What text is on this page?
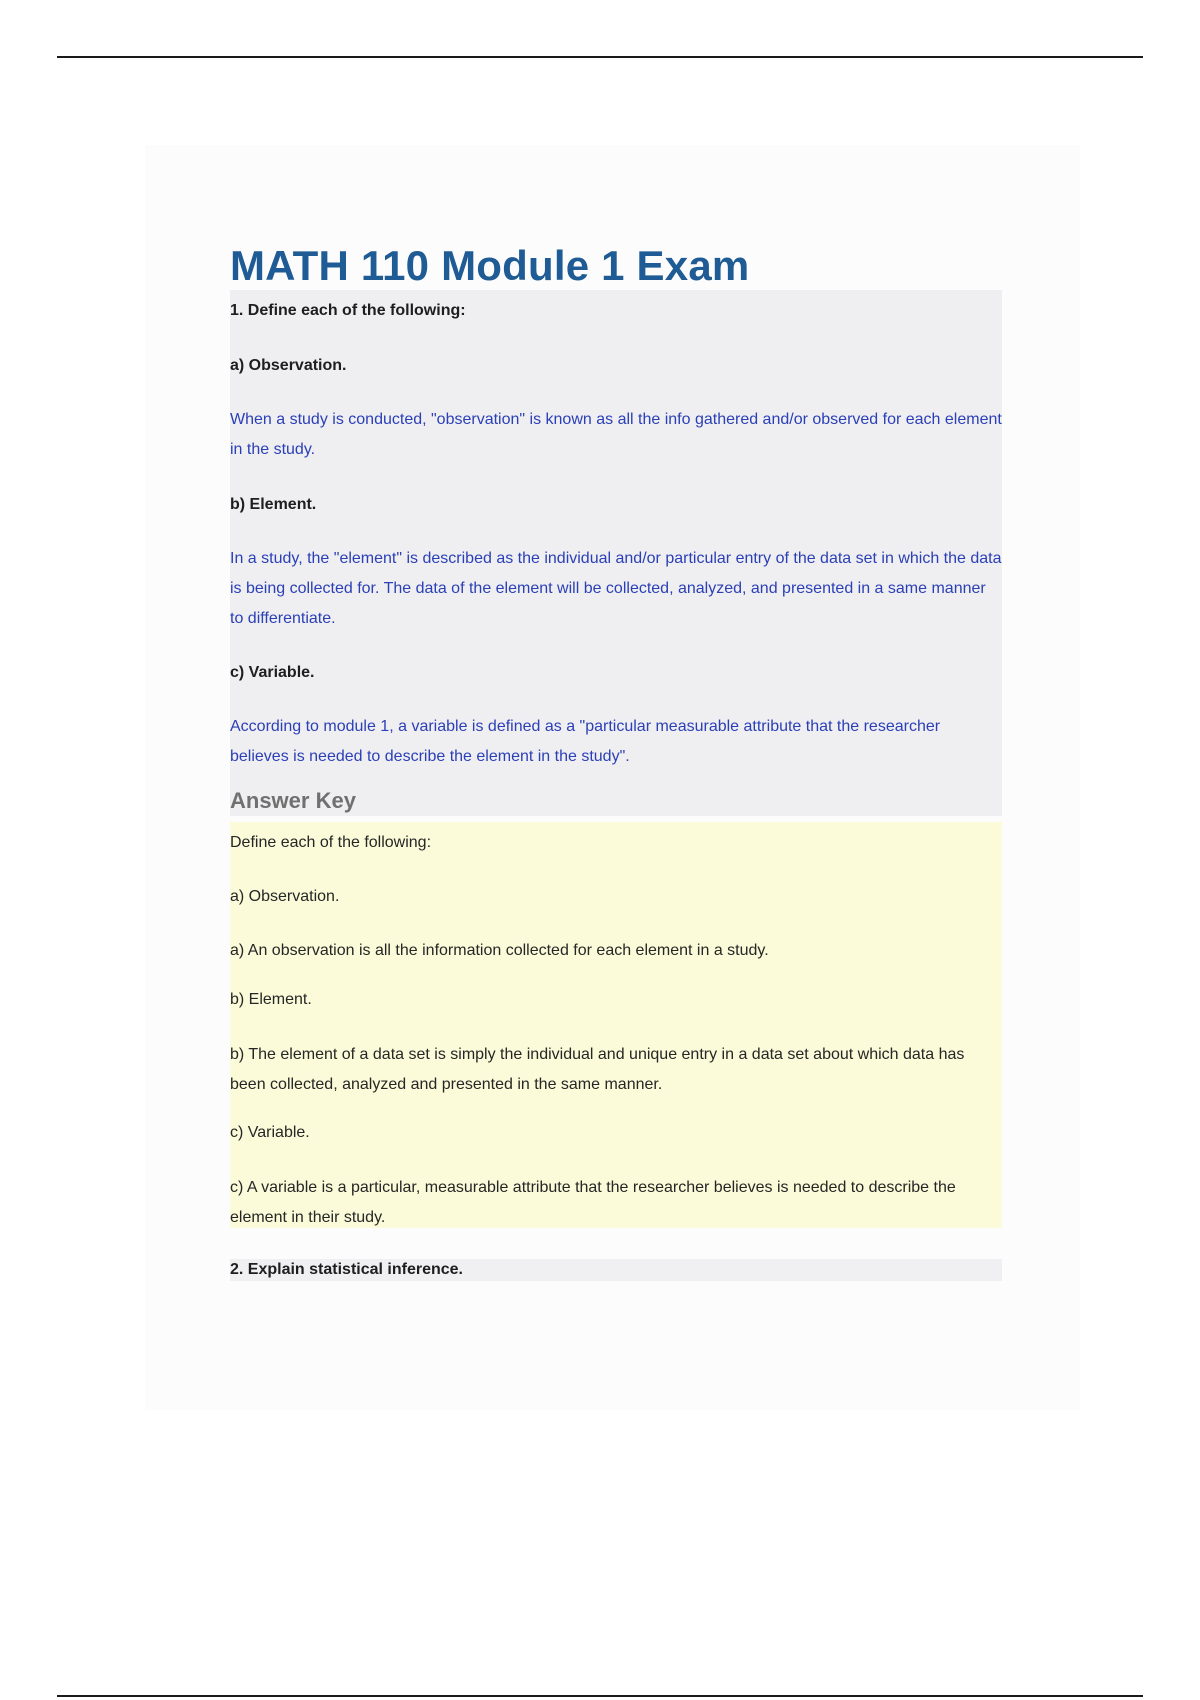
MATH 110 Module 1 Exam

1. Define each of the following:

a) Observation.

When a study is conducted, "observation" is known as all the info gathered and/or observed for each element in the study.

b) Element.

In a study, the "element" is described as the individual and/or particular entry of the data set in which the data is being collected for. The data of the element will be collected, analyzed, and presented in a same manner to differentiate.

c) Variable.

According to module 1, a variable is defined as a "particular measurable attribute that the researcher believes is needed to describe the element in the study".

Answer Key

Define each of the following:

a) Observation.

a) An observation is all the information collected for each element in a study.

b) Element.

b) The element of a data set is simply the individual and unique entry in a data set about which data has been collected, analyzed and presented in the same manner.

c) Variable.

c) A variable is a particular, measurable attribute that the researcher believes is needed to describe the element in their study.

2. Explain statistical inference.
